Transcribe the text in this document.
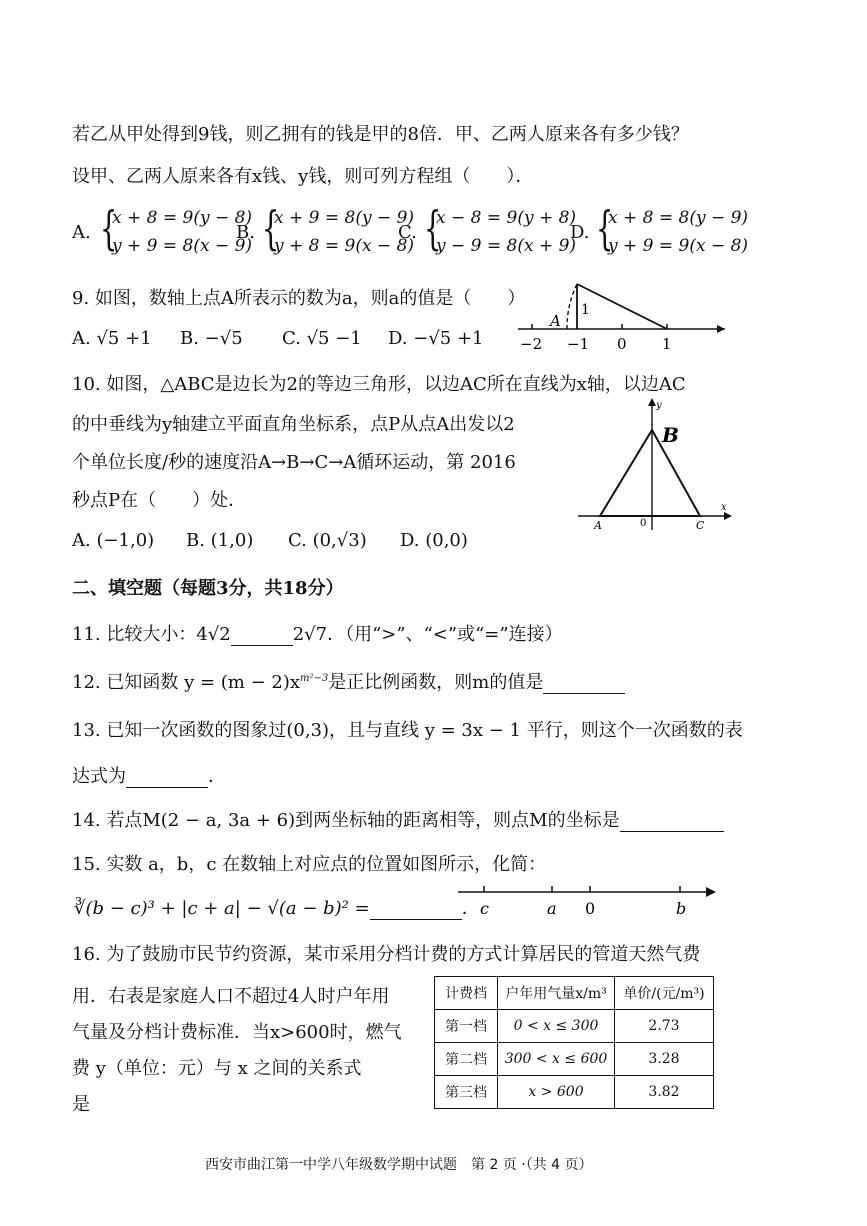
若乙从甲处得到9钱，则乙拥有的钱是甲的8倍．甲、乙两人原来各有多少钱？
设甲、乙两人原来各有x钱、y钱，则可列方程组（　　）．
A. {
x + 8 = 9(y − 8)
y + 9 = 8(x − 9)
B. {
x + 9 = 8(y − 9)
y + 8 = 9(x − 8)
C. {
x − 8 = 9(y + 8)
y − 9 = 8(x + 9)
D. {
x + 8 = 8(y − 9)
y + 9 = 9(x − 8)
9. 如图，数轴上点A所表示的数为a，则a的值是（　　）
A. √5 +1 B. −√5 C. √5 −1 D. −√5 +1
A
1
−2 −1 0 1
10. 如图，△ABC是边长为2的等边三角形，以边AC所在直线为x轴，以边AC
的中垂线为y轴建立平面直角坐标系，点P从点A出发以2
个单位长度/秒的速度沿A→B→C→A循环运动，第 2016
秒点P在（　　）处．
A. (−1,0) B. (1,0) C. (0,√3) D. (0,0)
B
A	C
0
x
y
二、填空题（每题3分，共18分）
11. 比较大小：4√2	2√7．（用“>”、“<”或“=”连接）
12. 已知函数 $y = (m - 2)x^{m^2-3}$是正比例函数，则m的值是
13. 已知一次函数的图象过(0,3)，且与直线 y = 3x − 1 平行，则这个一次函数的表
达式为	．
14. 若点M(2 − a, 3a + 6)到两坐标轴的距离相等，则点M的坐标是
15. 实数 a，b，c 在数轴上对应点的位置如图所示，化简：
∛(b − c)³ + |c + a| − √(a − b)² =	． c	a 0	b
16. 为了鼓励市民节约资源，某市采用分档计费的方式计算居民的管道天然气费
用．右表是家庭人口不超过4人时户年用
气量及分档计费标准．当x>600时，燃气
费 y（单位：元）与 x 之间的关系式
是
计费档	户年用气量x/m³	单价/(元/m³)
第一档	0 < x ≤ 300	2.73
第二档	300 < x ≤ 600	3.28
第三档	x > 600	3.82
西安市曲江第一中学八年级数学期中试题　第 2 页 ·（共 4 页）
